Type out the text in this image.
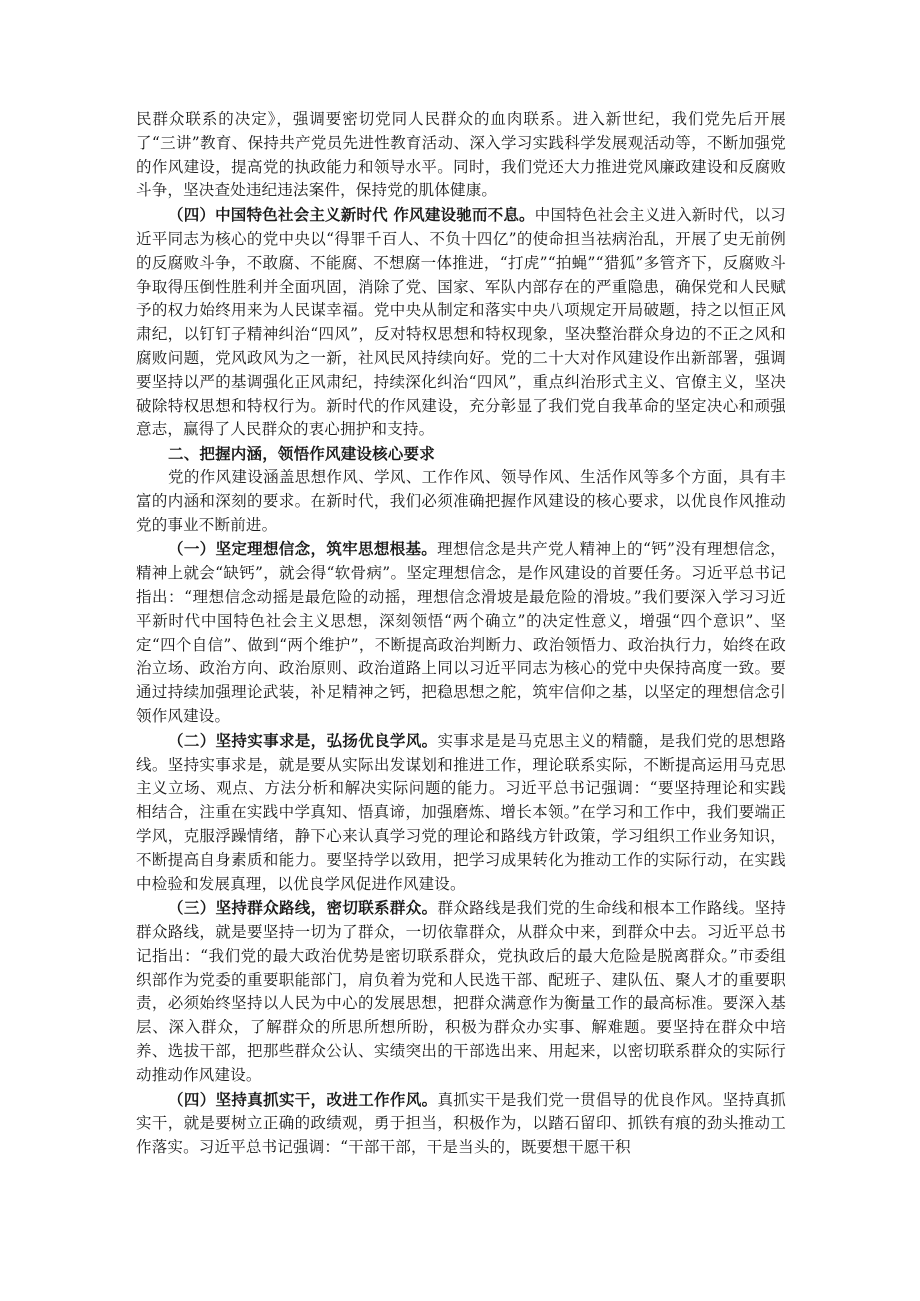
民群众联系的决定》，强调要密切党同人民群众的血肉联系。进入新世纪，我们党先后开展了“三讲”教育、保持共产党员先进性教育活动、深入学习实践科学发展观活动等，不断加强党的作风建设，提高党的执政能力和领导水平。同时，我们党还大力推进党风廉政建设和反腐败斗争，坚决查处违纪违法案件，保持党的肌体健康。

（四）中国特色社会主义新时代 作风建设驰而不息。中国特色社会主义进入新时代，以习近平同志为核心的党中央以“得罪千百人、不负十四亿”的使命担当祛病治乱，开展了史无前例的反腐败斗争，不敢腐、不能腐、不想腐一体推进，“打虎”“拍蝇”“猎狐”多管齐下，反腐败斗争取得压倒性胜利并全面巩固，消除了党、国家、军队内部存在的严重隐患，确保党和人民赋予的权力始终用来为人民谋幸福。党中央从制定和落实中央八项规定开局破题，持之以恒正风肃纪，以钉钉子精神纠治“四风”，反对特权思想和特权现象，坚决整治群众身边的不正之风和腐败问题，党风政风为之一新，社风民风持续向好。党的二十大对作风建设作出新部署，强调要坚持以严的基调强化正风肃纪，持续深化纠治“四风”，重点纠治形式主义、官僚主义，坚决破除特权思想和特权行为。新时代的作风建设，充分彰显了我们党自我革命的坚定决心和顽强意志，赢得了人民群众的衷心拥护和支持。

二、把握内涵，领悟作风建设核心要求

党的作风建设涵盖思想作风、学风、工作作风、领导作风、生活作风等多个方面，具有丰富的内涵和深刻的要求。在新时代，我们必须准确把握作风建设的核心要求，以优良作风推动党的事业不断前进。

（一）坚定理想信念，筑牢思想根基。理想信念是共产党人精神上的“钙”没有理想信念，精神上就会“缺钙”，就会得“软骨病”。坚定理想信念，是作风建设的首要任务。习近平总书记指出：“理想信念动摇是最危险的动摇，理想信念滑坡是最危险的滑坡。”我们要深入学习习近平新时代中国特色社会主义思想，深刻领悟“两个确立”的决定性意义，增强“四个意识”、坚定“四个自信”、做到“两个维护”，不断提高政治判断力、政治领悟力、政治执行力，始终在政治立场、政治方向、政治原则、政治道路上同以习近平同志为核心的党中央保持高度一致。要通过持续加强理论武装，补足精神之钙，把稳思想之舵，筑牢信仰之基，以坚定的理想信念引领作风建设。

（二）坚持实事求是，弘扬优良学风。实事求是是马克思主义的精髓，是我们党的思想路线。坚持实事求是，就是要从实际出发谋划和推进工作，理论联系实际，不断提高运用马克思主义立场、观点、方法分析和解决实际问题的能力。习近平总书记强调：“要坚持理论和实践相结合，注重在实践中学真知、悟真谛，加强磨炼、增长本领。”在学习和工作中，我们要端正学风，克服浮躁情绪，静下心来认真学习党的理论和路线方针政策，学习组织工作业务知识，不断提高自身素质和能力。要坚持学以致用，把学习成果转化为推动工作的实际行动，在实践中检验和发展真理，以优良学风促进作风建设。

（三）坚持群众路线，密切联系群众。群众路线是我们党的生命线和根本工作路线。坚持群众路线，就是要坚持一切为了群众，一切依靠群众，从群众中来，到群众中去。习近平总书记指出：“我们党的最大政治优势是密切联系群众，党执政后的最大危险是脱离群众。”市委组织部作为党委的重要职能部门，肩负着为党和人民选干部、配班子、建队伍、聚人才的重要职责，必须始终坚持以人民为中心的发展思想，把群众满意作为衡量工作的最高标准。要深入基层、深入群众，了解群众的所思所想所盼，积极为群众办实事、解难题。要坚持在群众中培养、选拔干部，把那些群众公认、实绩突出的干部选出来、用起来，以密切联系群众的实际行动推动作风建设。

（四）坚持真抓实干，改进工作作风。真抓实干是我们党一贯倡导的优良作风。坚持真抓实干，就是要树立正确的政绩观，勇于担当，积极作为，以踏石留印、抓铁有痕的劲头推动工作落实。习近平总书记强调：“干部干部，干是当头的，既要想干愿干积
